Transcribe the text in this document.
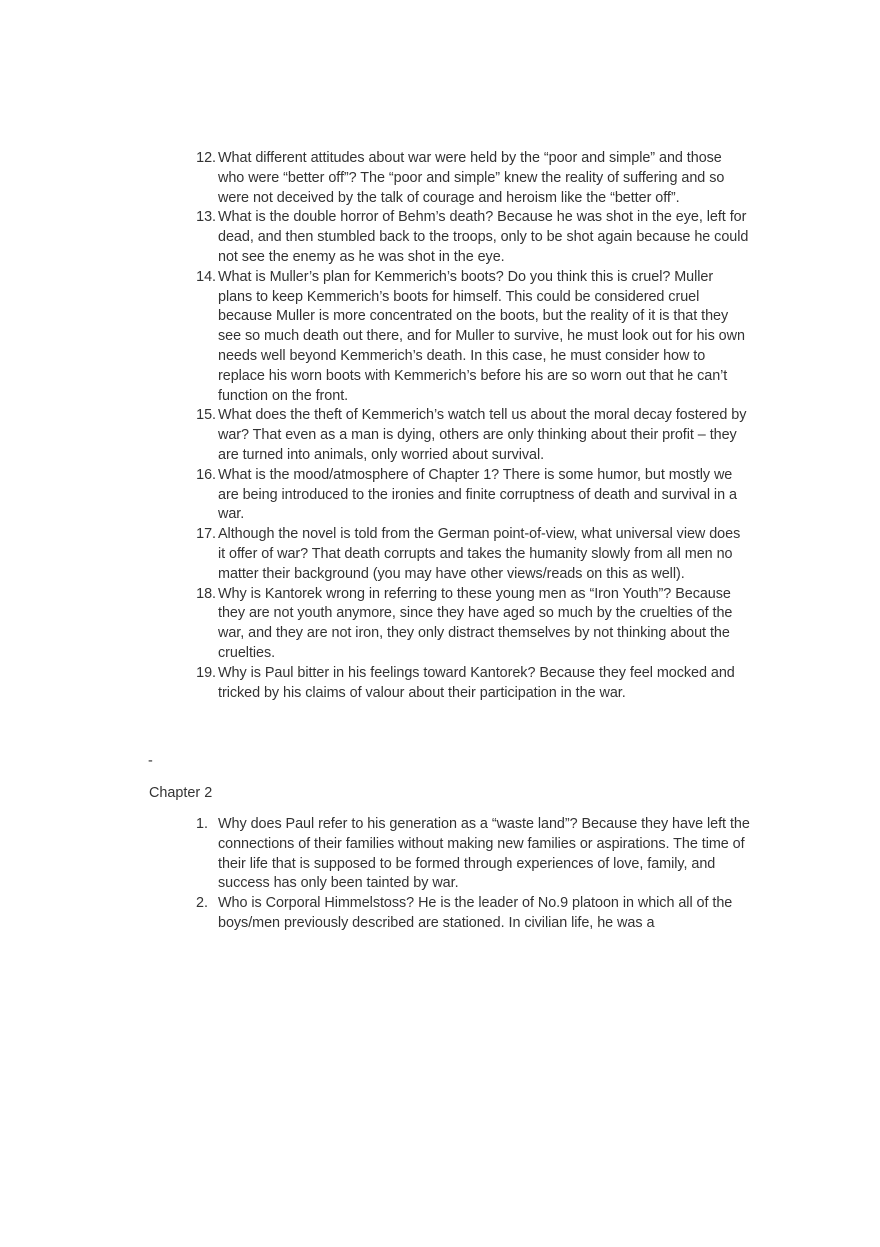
12. What different attitudes about war were held by the “poor and simple” and those who were “better off”? The “poor and simple” knew the reality of suffering and so were not deceived by the talk of courage and heroism like the “better off”.
13. What is the double horror of Behm’s death? Because he was shot in the eye, left for dead, and then stumbled back to the troops, only to be shot again because he could not see the enemy as he was shot in the eye.
14. What is Muller’s plan for Kemmerich’s boots? Do you think this is cruel? Muller plans to keep Kemmerich’s boots for himself. This could be considered cruel because Muller is more concentrated on the boots, but the reality of it is that they see so much death out there, and for Muller to survive, he must look out for his own needs well beyond Kemmerich’s death. In this case, he must consider how to replace his worn boots with Kemmerich’s before his are so worn out that he can’t function on the front.
15. What does the theft of Kemmerich’s watch tell us about the moral decay fostered by war? That even as a man is dying, others are only thinking about their profit – they are turned into animals, only worried about survival.
16. What is the mood/atmosphere of Chapter 1? There is some humor, but mostly we are being introduced to the ironies and finite corruptness of death and survival in a war.
17. Although the novel is told from the German point-of-view, what universal view does it offer of war? That death corrupts and takes the humanity slowly from all men no matter their background (you may have other views/reads on this as well).
18. Why is Kantorek wrong in referring to these young men as “Iron Youth”? Because they are not youth anymore, since they have aged so much by the cruelties of the war, and they are not iron, they only distract themselves by not thinking about the cruelties.
19. Why is Paul bitter in his feelings toward Kantorek? Because they feel mocked and tricked by his claims of valour about their participation in the war.
-
Chapter 2
1. Why does Paul refer to his generation as a “waste land”? Because they have left the connections of their families without making new families or aspirations. The time of their life that is supposed to be formed through experiences of love, family, and success has only been tainted by war.
2. Who is Corporal Himmelstoss? He is the leader of No.9 platoon in which all of the boys/men previously described are stationed. In civilian life, he was a
